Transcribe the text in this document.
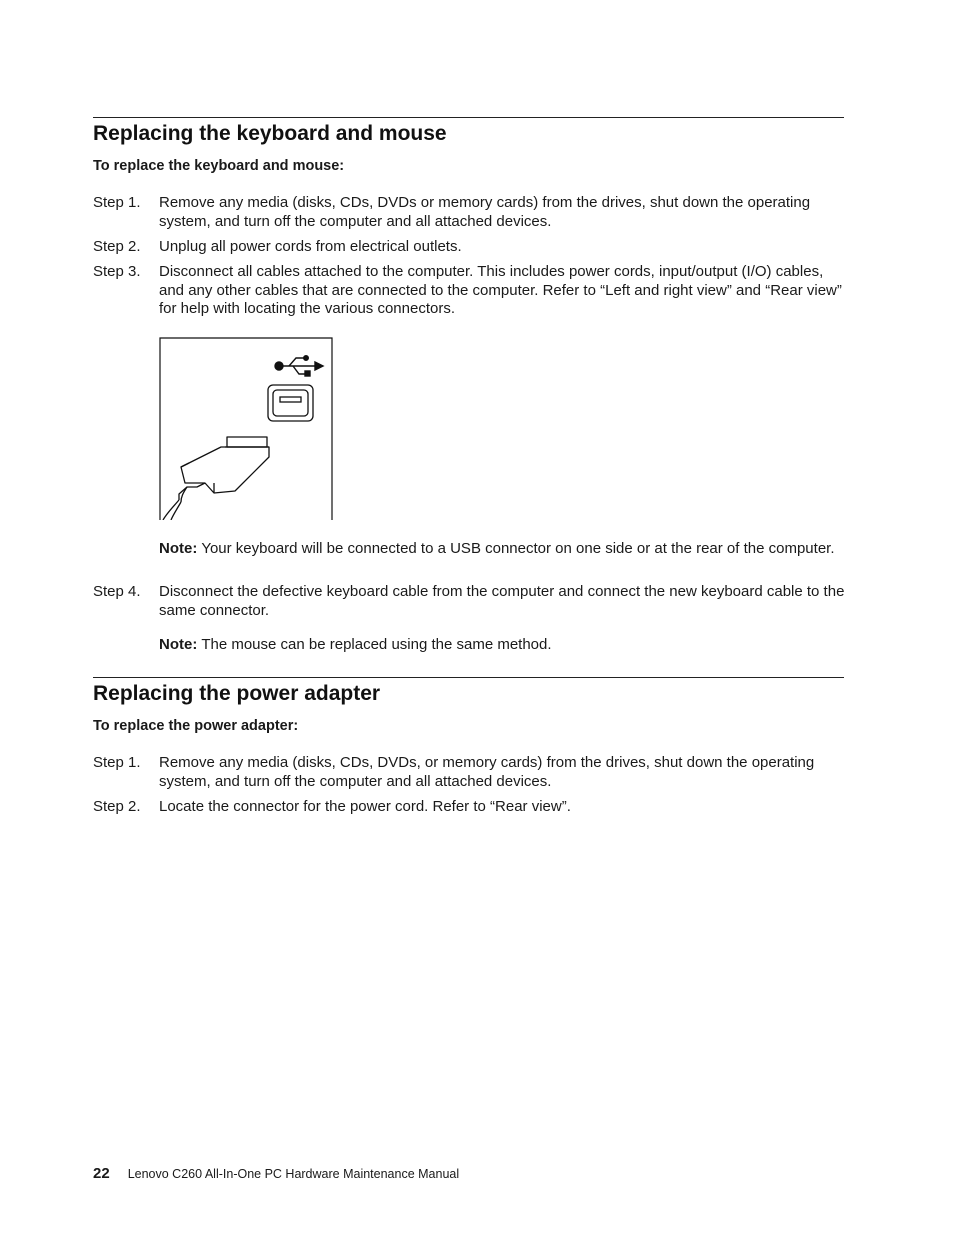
Replacing the keyboard and mouse

To replace the keyboard and mouse:

Step 1.	Remove any media (disks, CDs, DVDs or memory cards) from the drives, shut down the operating system, and turn off the computer and all attached devices.
Step 2.	Unplug all power cords from electrical outlets.
Step 3.	Disconnect all cables attached to the computer. This includes power cords, input/output (I/O) cables, and any other cables that are connected to the computer. Refer to “Left and right view” and “Rear view” for help with locating the various connectors.
Note: Your keyboard will be connected to a USB connector on one side or at the rear of the computer.
Step 4.	Disconnect the defective keyboard cable from the computer and connect the new keyboard cable to the same connector.
Note: The mouse can be replaced using the same method.
Replacing the power adapter

To replace the power adapter:

Step 1.	Remove any media (disks, CDs, DVDs, or memory cards) from the drives, shut down the operating system, and turn off the computer and all attached devices.
Step 2.	Locate the connector for the power cord. Refer to “Rear view”.
22 Lenovo C260 All-In-One PC Hardware Maintenance Manual
